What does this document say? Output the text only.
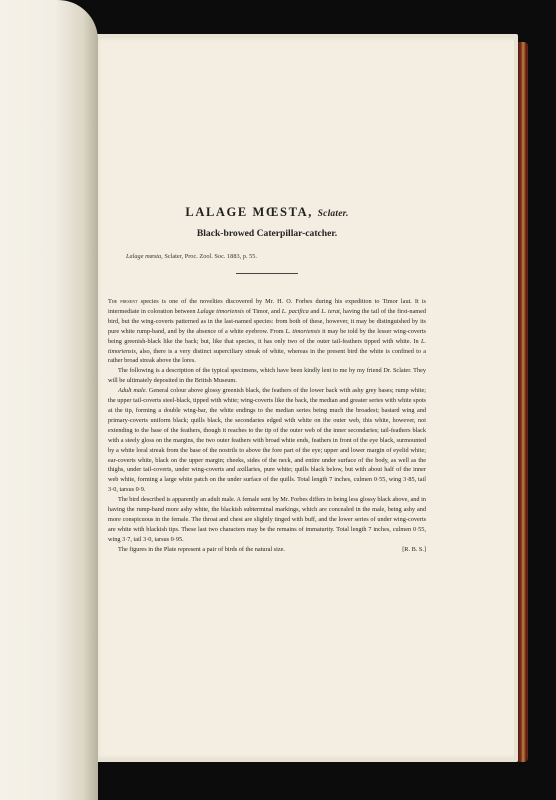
LALAGE MŒSTA, Sclater.
Black-browed Caterpillar-catcher.
Lalage mœsta, Sclater, Proc. Zool. Soc. 1883, p. 55.

The present species is one of the novelties discovered by Mr. H. O. Forbes during his expedition to Timor laut. It is intermediate in coloration between Lalage timoriensis of Timor, and L. pacifica and L. terat, having the tail of the first-named bird, but the wing-coverts patterned as in the last-named species: from both of these, however, it may be distinguished by its pure white rump-band, and by the absence of a white eyebrow. From L. timoriensis it may be told by the lesser wing-coverts being greenish-black like the back; but, like that species, it has only two of the outer tail-feathers tipped with white. In L. timoriensis, also, there is a very distinct superciliary streak of white, whereas in the present bird the white is confined to a rather broad streak above the lores.

The following is a description of the typical specimens, which have been kindly lent to me by my friend Dr. Sclater. They will be ultimately deposited in the British Museum.

Adult male. General colour above glossy greenish black, the feathers of the lower back with ashy grey bases; rump white; the upper tail-coverts steel-black, tipped with white; wing-coverts like the back, the median and greater series with white spots at the tip, forming a double wing-bar, the white endings to the median series being much the broadest; bastard wing and primary-coverts uniform black; quills black, the secondaries edged with white on the outer web, this white, however, not extending to the base of the feathers, though it reaches to the tip of the outer web of the inner secondaries; tail-feathers black with a steely gloss on the margins, the two outer feathers with broad white ends, feathers in front of the eye black, surmounted by a white loral streak from the base of the nostrils to above the fore part of the eye; upper and lower margin of eyelid white; ear-coverts white, black on the upper margin; cheeks, sides of the neck, and entire under surface of the body, as well as the thighs, under tail-coverts, under wing-coverts and axillaries, pure white; quills black below, but with about half of the inner web white, forming a large white patch on the under surface of the quills. Total length 7 inches, culmen 0·55, wing 3·85, tail 3·0, tarsus 0·9.

The bird described is apparently an adult male. A female sent by Mr. Forbes differs in being less glossy black above, and in having the rump-band more ashy white, the blackish subterminal markings, which are concealed in the male, being ashy and more conspicuous in the female. The throat and chest are slightly tinged with buff, and the lower series of under wing-coverts are white with blackish tips. These last two characters may be the remains of immaturity. Total length 7 inches, culmen 0·55, wing 3·7, tail 3·0, tarsus 0·95.

The figures in the Plate represent a pair of birds of the natural size.	[R. B. S.]
